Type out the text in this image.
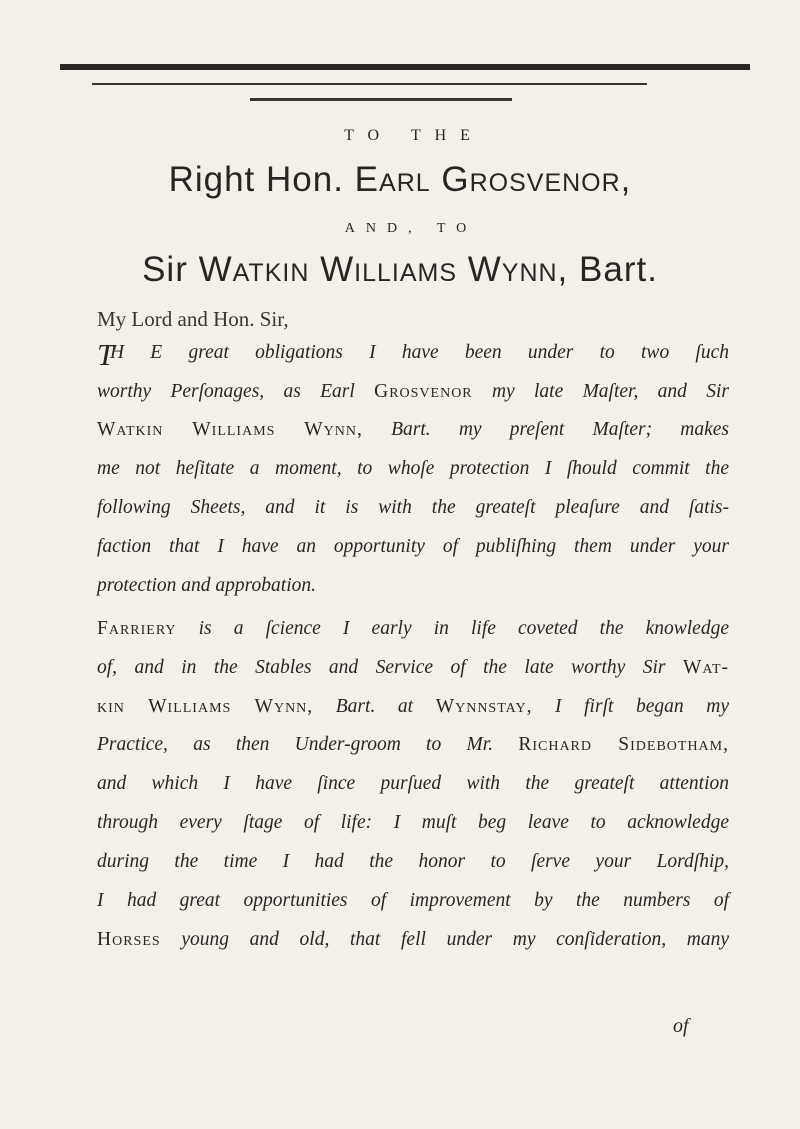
TO THE
Right Hon. Earl Grosvenor,
AND, TO
Sir Watkin Williams Wynn, Bart.
My Lord and Hon. Sir,
T
H E great obligations I have been under to two ſuch
worthy Perſonages, as Earl Grosvenor my late Maſter, and Sir
Watkin Williams Wynn, Bart. my preſent Maſter; makes
me not heſitate a moment, to whoſe protection I ſhould commit the
following Sheets, and it is with the greateſt pleaſure and ſatis-
faction that I have an opportunity of publiſhing them under your
protection and approbation.
Farriery is a ſcience I early in life coveted the knowledge
of, and in the Stables and Service of the late worthy Sir Wat-
kin Williams Wynn, Bart. at Wynnstay, I firſt began my
Practice, as then Under-groom to Mr. Richard Sidebotham,
and which I have ſince purſued with the greateſt attention
through every ſtage of life: I muſt beg leave to acknowledge
during the time I had the honor to ſerve your Lordſhip,
I had great opportunities of improvement by the numbers of
Horses young and old, that fell under my conſideration, many
of
